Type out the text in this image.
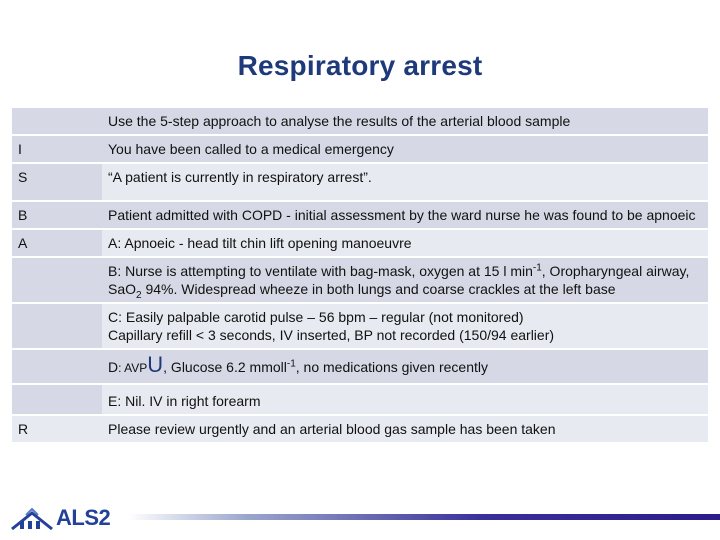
Respiratory arrest
	Use the 5-step approach to analyse the results of the arterial blood sample
I	You have been called to a medical emergency
S	“A patient is currently in respiratory arrest”.
B	Patient admitted with COPD - initial assessment by the ward nurse he was found to be apnoeic
A	A: Apnoeic - head tilt chin lift opening manoeuvre
	B: Nurse is attempting to ventilate with bag-mask, oxygen at 15 l $\min^{-1}$, Oropharyngeal airway, SaO$_2$ 94%. Widespread wheeze in both lungs and coarse crackles at the left base
	C: Easily palpable carotid pulse – 56 bpm – regular (not monitored)
Capillary refill < 3 seconds, IV inserted, BP not recorded (150/94 earlier)
	D: AVPU, Glucose 6.2 mmoll$^{-1}$, no medications given recently
	E: Nil. IV in right forearm
R	Please review urgently and an arterial blood gas sample has been taken
ALS2
